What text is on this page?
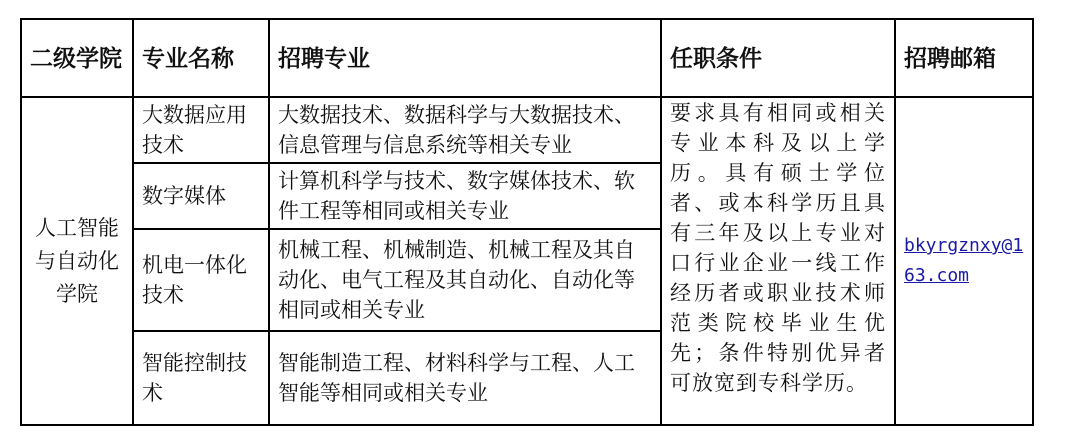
二级学院	专业名称	招聘专业	任职条件	招聘邮箱
人工智能与自动化学院	大数据应用技术	大数据技术、数据科学与大数据技术、信息管理与信息系统等相关专业	要求具有相同或相关专业本科及以上学历。具有硕士学位者、或本科学历且具有三年及以上专业对口行业企业一线工作经历者或职业技术师范类院校毕业生优先；条件特别优异者可放宽到专科学历。	bkyrgznxy@163.com
	数字媒体	计算机科学与技术、数字媒体技术、软件工程等相同或相关专业		
	机电一体化技术	机械工程、机械制造、机械工程及其自动化、电气工程及其自动化、自动化等相同或相关专业		
	智能控制技术	智能制造工程、材料科学与工程、人工智能等相同或相关专业		
